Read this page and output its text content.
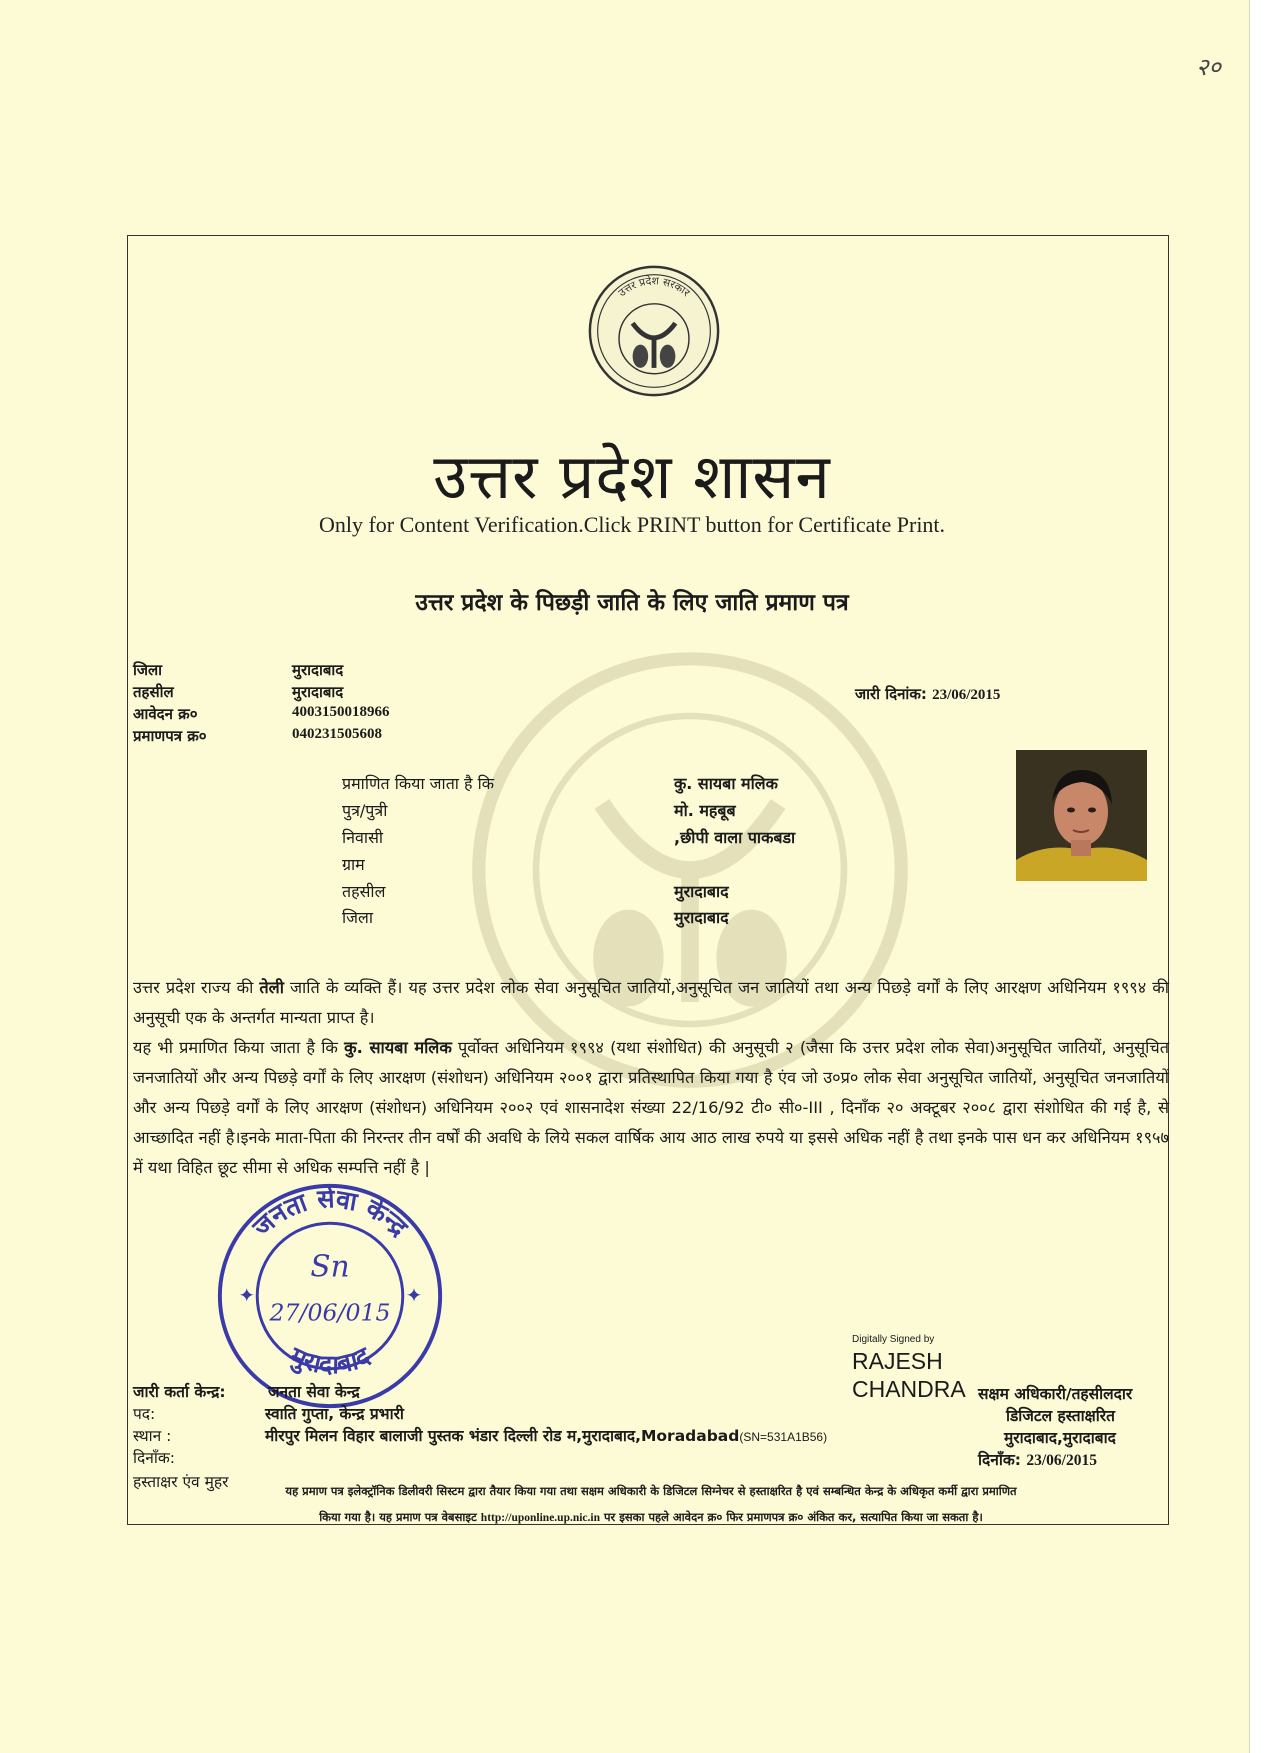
२०
उत्तर प्रदेश सरकार
उत्तर प्रदेश शासन
Only for Content Verification.Click PRINT button for Certificate Print.
उत्तर प्रदेश के पिछड़ी जाति के लिए जाति प्रमाण पत्र
जिला	मुरादाबाद
तहसील	मुरादाबाद
आवेदन क्र०	4003150018966
प्रमाणपत्र क्र०	040231505608
जारी दिनांक: 23/06/2015
प्रमाणित किया जाता है कि	कु. सायबा मलिक
पुत्र/पुत्री	मो. महबूब
निवासी	,छीपी वाला पाकबडा
ग्राम
तहसील	मुरादाबाद
जिला	मुरादाबाद
उत्तर प्रदेश राज्य की तेली जाति के व्यक्ति हैं। यह उत्तर प्रदेश लोक सेवा अनुसूचित जातियों,अनुसूचित जन जातियों तथा अन्य पिछड़े वर्गों के लिए आरक्षण अधिनियम १९९४ की अनुसूची एक के अन्तर्गत मान्यता प्राप्त है।
यह भी प्रमाणित किया जाता है कि कु. सायबा मलिक पूर्वोक्त अधिनियम १९९४ (यथा संशोधित) की अनुसूची २ (जैसा कि उत्तर प्रदेश लोक सेवा)अनुसूचित जातियों, अनुसूचित जनजातियों और अन्य पिछड़े वर्गों के लिए आरक्षण (संशोधन) अधिनियम २००१ द्वारा प्रतिस्थापित किया गया है एंव जो उ०प्र० लोक सेवा अनुसूचित जातियों, अनुसूचित जनजातियों और अन्य पिछड़े वर्गों के लिए आरक्षण (संशोधन) अधिनियम २००२ एवं शासनादेश संख्या 22/16/92 टी० सी०-III , दिनाँक २० अक्टूबर २००८ द्वारा संशोधित की गई है, से आच्छादित नहीं है।इनके माता-पिता की निरन्तर तीन वर्षों की अवधि के लिये सकल वार्षिक आय आठ लाख रुपये या इससे अधिक नहीं है तथा इनके पास धन कर अधिनियम १९५७ में यथा विहित छूट सीमा से अधिक सम्पत्ति नहीं है |
जनता सेवा केन्द्र
मुरादाबाद
✦	✦
Sn
27/06/015
जारी कर्ता केन्द्र:	जनता सेवा केन्द्र
पद:	स्वाति गुप्ता, केन्द्र प्रभारी
स्थान :	मीरपुर मिलन विहार बालाजी पुस्तक भंडार दिल्ली रोड म,मुरादाबाद,Moradabad(SN=531A1B56)
दिनाँक:
हस्ताक्षर एंव मुहर
Digitally Signed by
RAJESH
CHANDRA सक्षम अधिकारी/तहसीलदार
डिजिटल हस्ताक्षरित
मुरादाबाद,मुरादाबाद
दिनाँक: 23/06/2015
यह प्रमाण पत्र इलेक्ट्रॉनिक डिलीवरी सिस्टम द्वारा तैयार किया गया तथा सक्षम अधिकारी के डिजिटल सिग्नेचर से हस्ताक्षरित है एवं सम्बन्धित केन्द्र के अधिकृत कर्मी द्वारा प्रमाणित
किया गया है। यह प्रमाण पत्र वेबसाइट http://uponline.up.nic.in पर इसका पहले आवेदन क्र० फिर प्रमाणपत्र क्र० अंकित कर, सत्यापित किया जा सकता है।
